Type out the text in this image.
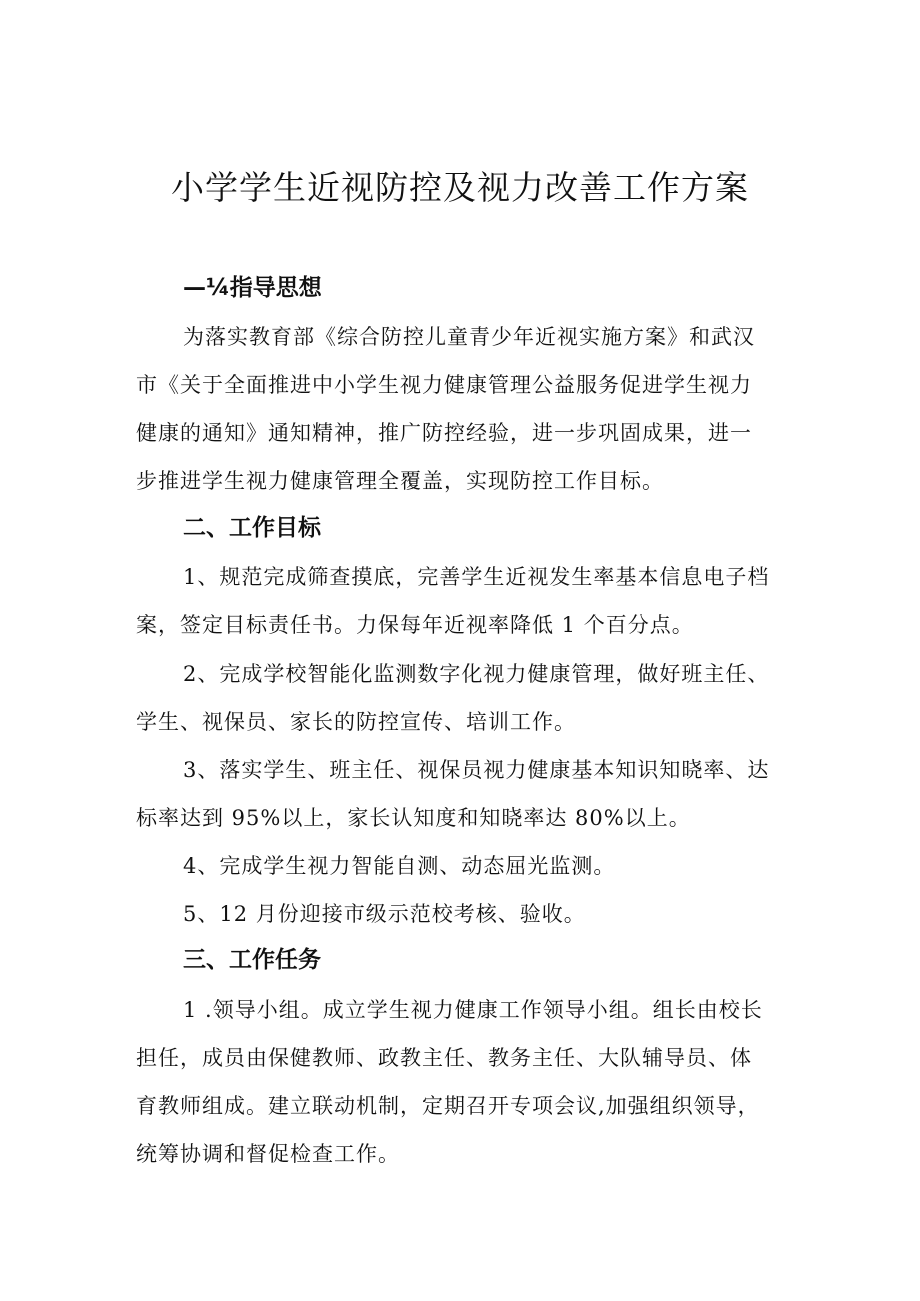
小学学生近视防控及视力改善工作方案
—¼指导思想

为落实教育部《综合防控儿童青少年近视实施方案》和武汉
市《关于全面推进中小学生视力健康管理公益服务促进学生视力
健康的通知》通知精神，推广防控经验，进一步巩固成果，进一
步推进学生视力健康管理全覆盖，实现防控工作目标。

二、工作目标

1、规范完成筛查摸底，完善学生近视发生率基本信息电子档
案，签定目标责任书。力保每年近视率降低 1 个百分点。

2、完成学校智能化监测数字化视力健康管理，做好班主任、
学生、视保员、家长的防控宣传、培训工作。

3、落实学生、班主任、视保员视力健康基本知识知晓率、达
标率达到 95%以上，家长认知度和知晓率达 80%以上。

4、完成学生视力智能自测、动态屈光监测。

5、12 月份迎接市级示范校考核、验收。

三、工作任务

1 .领导小组。成立学生视力健康工作领导小组。组长由校长
担任，成员由保健教师、政教主任、教务主任、大队辅导员、体
育教师组成。建立联动机制，定期召开专项会议,加强组织领导，
统筹协调和督促检查工作。
